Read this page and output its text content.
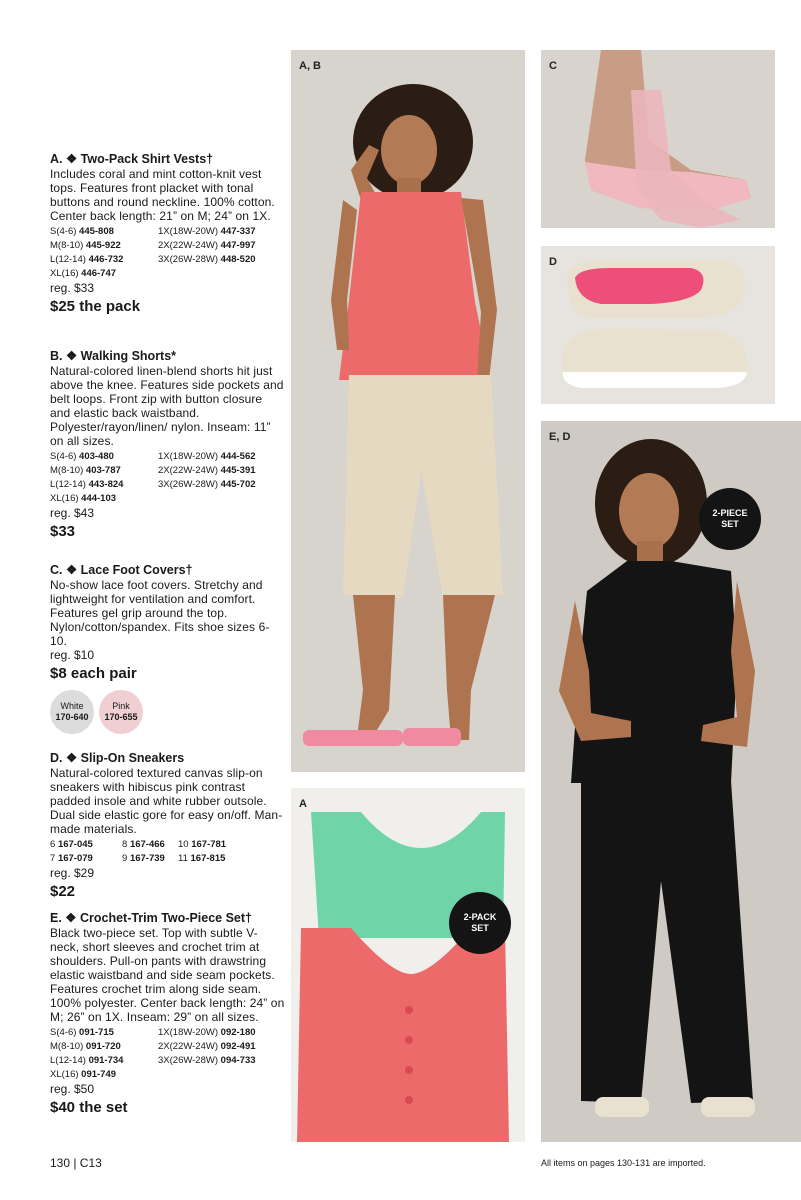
A. ❖ Two-Pack Shirt Vests†
Includes coral and mint cotton-knit vest tops. Features front placket with tonal buttons and round neckline. 100% cotton. Center back length: 21” on M; 24” on 1X.
S(4-6) 445-808	1X(18W-20W) 447-337
M(8-10) 445-922	2X(22W-24W) 447-997
L(12-14) 446-732	3X(26W-28W) 448-520
XL(16) 446-747
reg. $33
$25 the pack
B. ❖ Walking Shorts*
Natural-colored linen-blend shorts hit just above the knee. Features side pockets and belt loops. Front zip with button closure and elastic back waistband. Polyester/rayon/linen/ nylon. Inseam: 11” on all sizes.
S(4-6) 403-480	1X(18W-20W) 444-562
M(8-10) 403-787	2X(22W-24W) 445-391
L(12-14) 443-824	3X(26W-28W) 445-702
XL(16) 444-103
reg. $43
$33
C. ❖ Lace Foot Covers†
No-show lace foot covers. Stretchy and lightweight for ventilation and comfort. Features gel grip around the top. Nylon/cotton/spandex. Fits shoe sizes 6-10.
reg. $10
$8 each pair
White
170-640
Pink
170-655
D. ❖ Slip-On Sneakers
Natural-colored textured canvas slip-on sneakers with hibiscus pink contrast padded insole and white rubber outsole. Dual side elastic gore for easy on/off. Man-made materials.
6 167-045	8 167-466	10 167-781
7 167-079	9 167-739	11 167-815
reg. $29
$22
E. ❖ Crochet-Trim Two-Piece Set†
Black two-piece set. Top with subtle V-neck, short sleeves and crochet trim at shoulders. Pull-on pants with drawstring elastic waistband and side seam pockets. Features crochet trim along side seam. 100% polyester. Center back length: 24” on M; 26” on 1X. Inseam: 29” on all sizes.
S(4-6) 091-715	1X(18W-20W) 092-180
M(8-10) 091-720	2X(22W-24W) 092-491
L(12-14) 091-734	3X(26W-28W) 094-733
XL(16) 091-749
reg. $50
$40 the set
A, B	C
D
A
2-PACK
SET
E, D
2-PIECE
SET
130 | C13	All items on pages 130-131 are imported.
